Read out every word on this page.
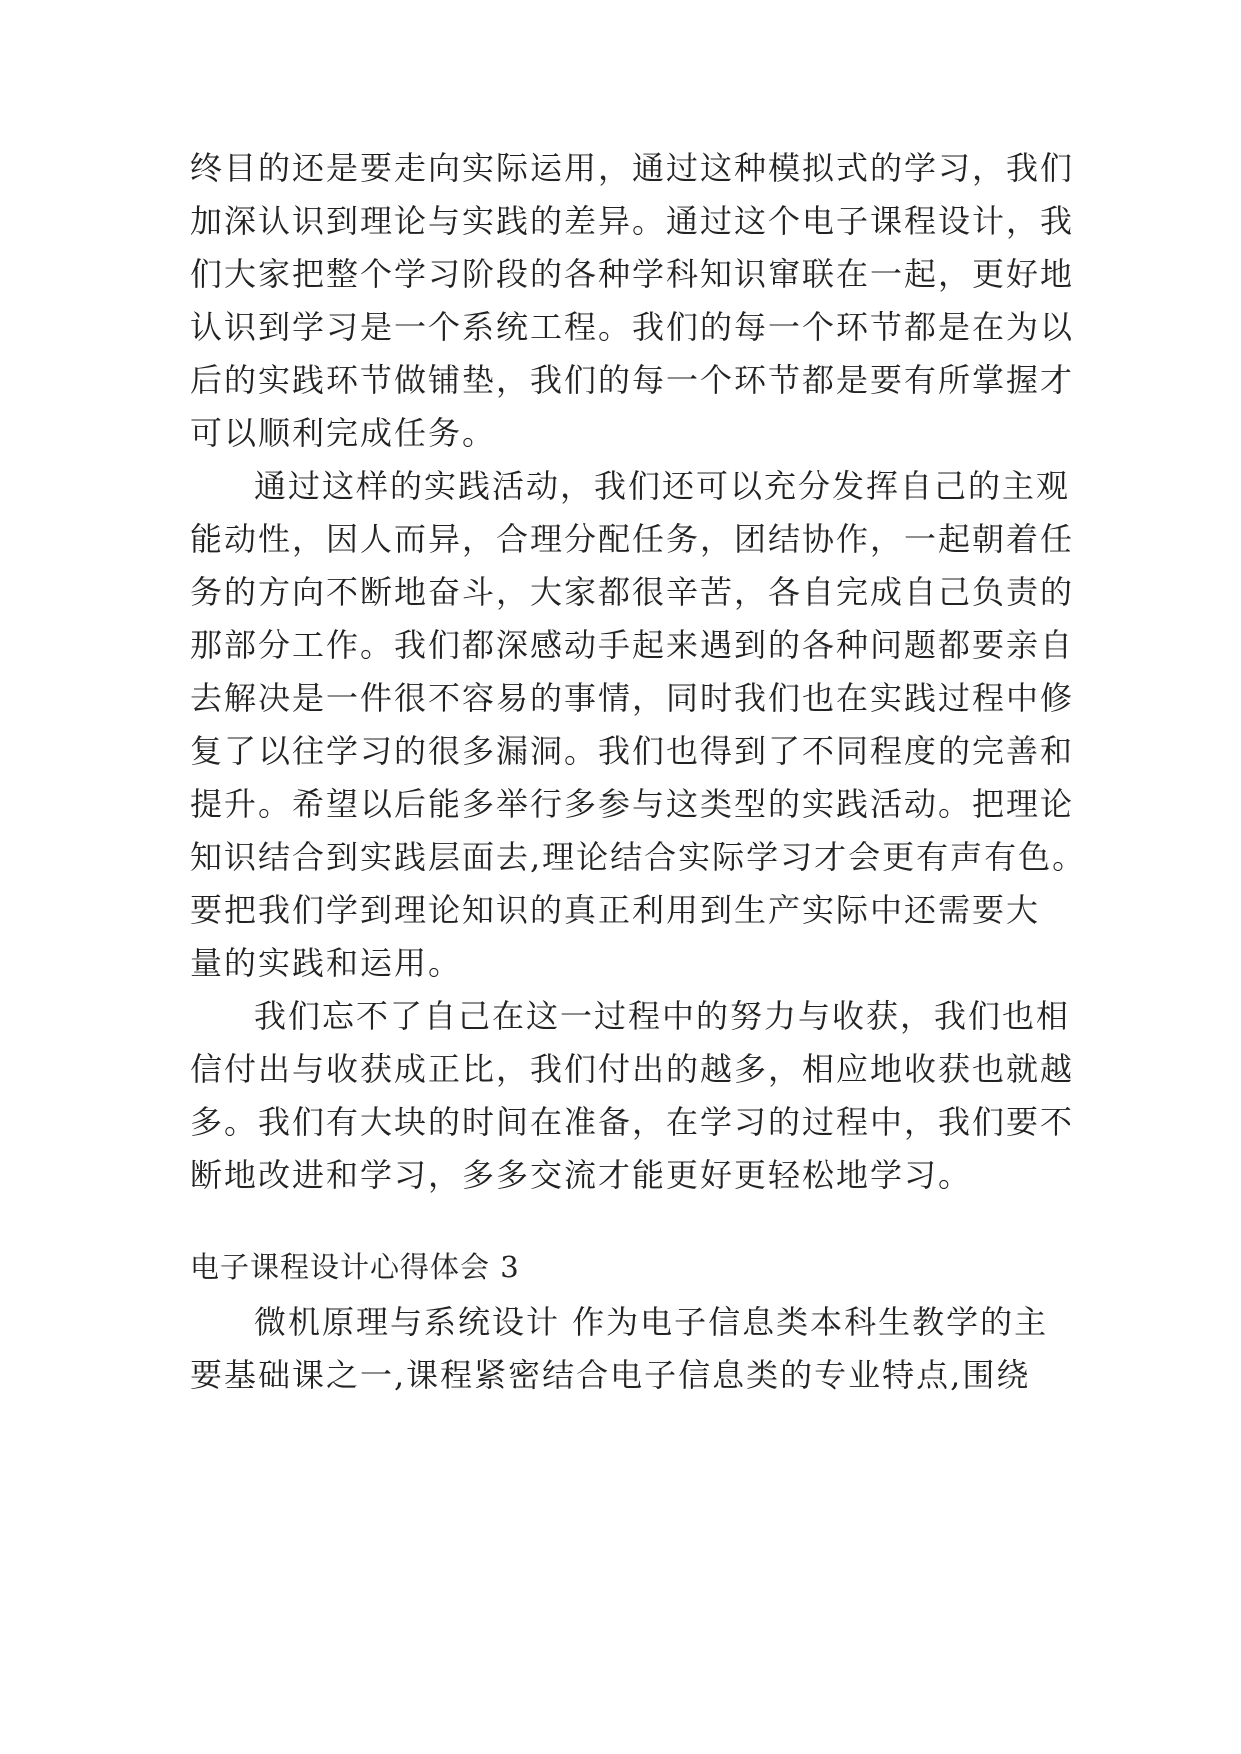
终目的还是要走向实际运用，通过这种模拟式的学习，我们
加深认识到理论与实践的差异。通过这个电子课程设计，我
们大家把整个学习阶段的各种学科知识窜联在一起，更好地
认识到学习是一个系统工程。我们的每一个环节都是在为以
后的实践环节做铺垫，我们的每一个环节都是要有所掌握才
可以顺利完成任务。
通过这样的实践活动，我们还可以充分发挥自己的主观
能动性，因人而异，合理分配任务，团结协作，一起朝着任
务的方向不断地奋斗，大家都很辛苦，各自完成自己负责的
那部分工作。我们都深感动手起来遇到的各种问题都要亲自
去解决是一件很不容易的事情，同时我们也在实践过程中修
复了以往学习的很多漏洞。我们也得到了不同程度的完善和
提升。希望以后能多举行多参与这类型的实践活动。把理论
知识结合到实践层面去,理论结合实际学习才会更有声有色。
要把我们学到理论知识的真正利用到生产实际中还需要大
量的实践和运用。
我们忘不了自己在这一过程中的努力与收获，我们也相
信付出与收获成正比，我们付出的越多，相应地收获也就越
多。我们有大块的时间在准备，在学习的过程中，我们要不
断地改进和学习，多多交流才能更好更轻松地学习。
电子课程设计心得体会 3
微机原理与系统设计 作为电子信息类本科生教学的主
要基础课之一,课程紧密结合电子信息类的专业特点,围绕
